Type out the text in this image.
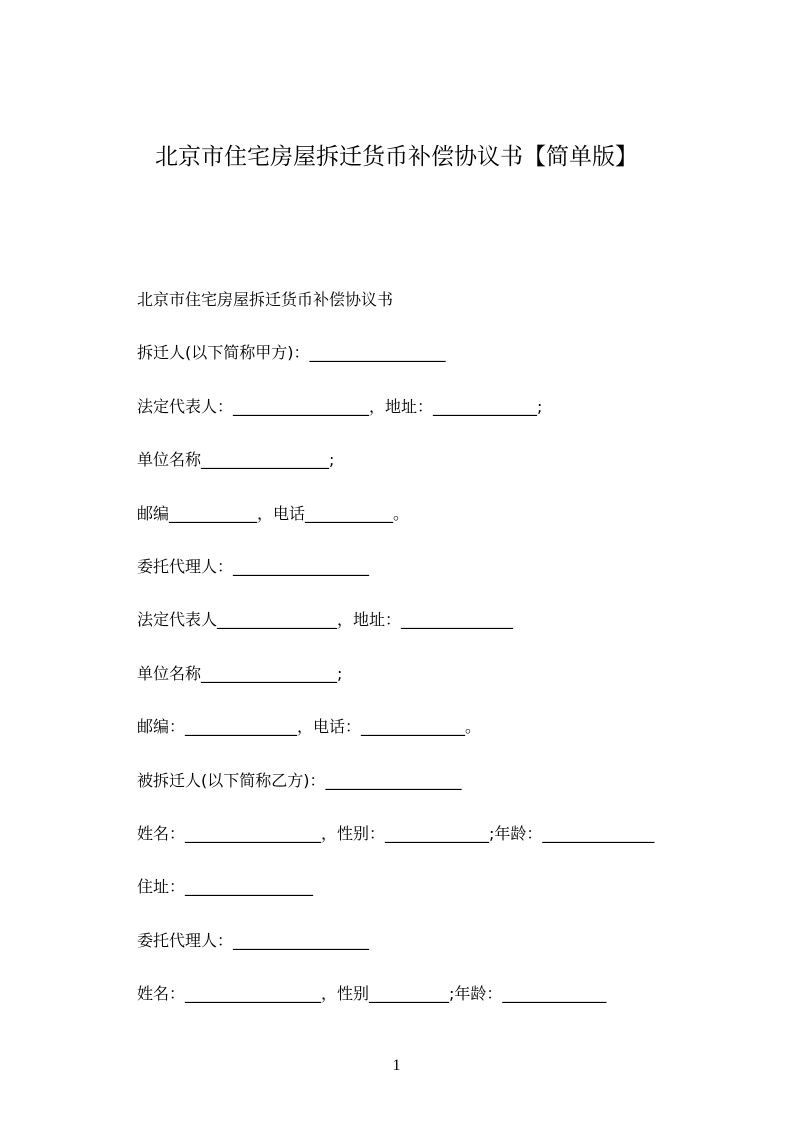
北京市住宅房屋拆迁货币补偿协议书【简单版】

北京市住宅房屋拆迁货币补偿协议书

拆迁人(以下简称甲方)：_________________

法定代表人：_________________，地址：_____________;

单位名称________________;

邮编___________，电话___________。

委托代理人：_________________

法定代表人_______________，地址：______________

单位名称_________________;

邮编：______________，电话：_____________。

被拆迁人(以下简称乙方)：_________________

姓名：_________________，性别：_____________;年龄：______________

住址：________________

委托代理人：_________________

姓名：_________________，性别__________;年龄：_____________

1
